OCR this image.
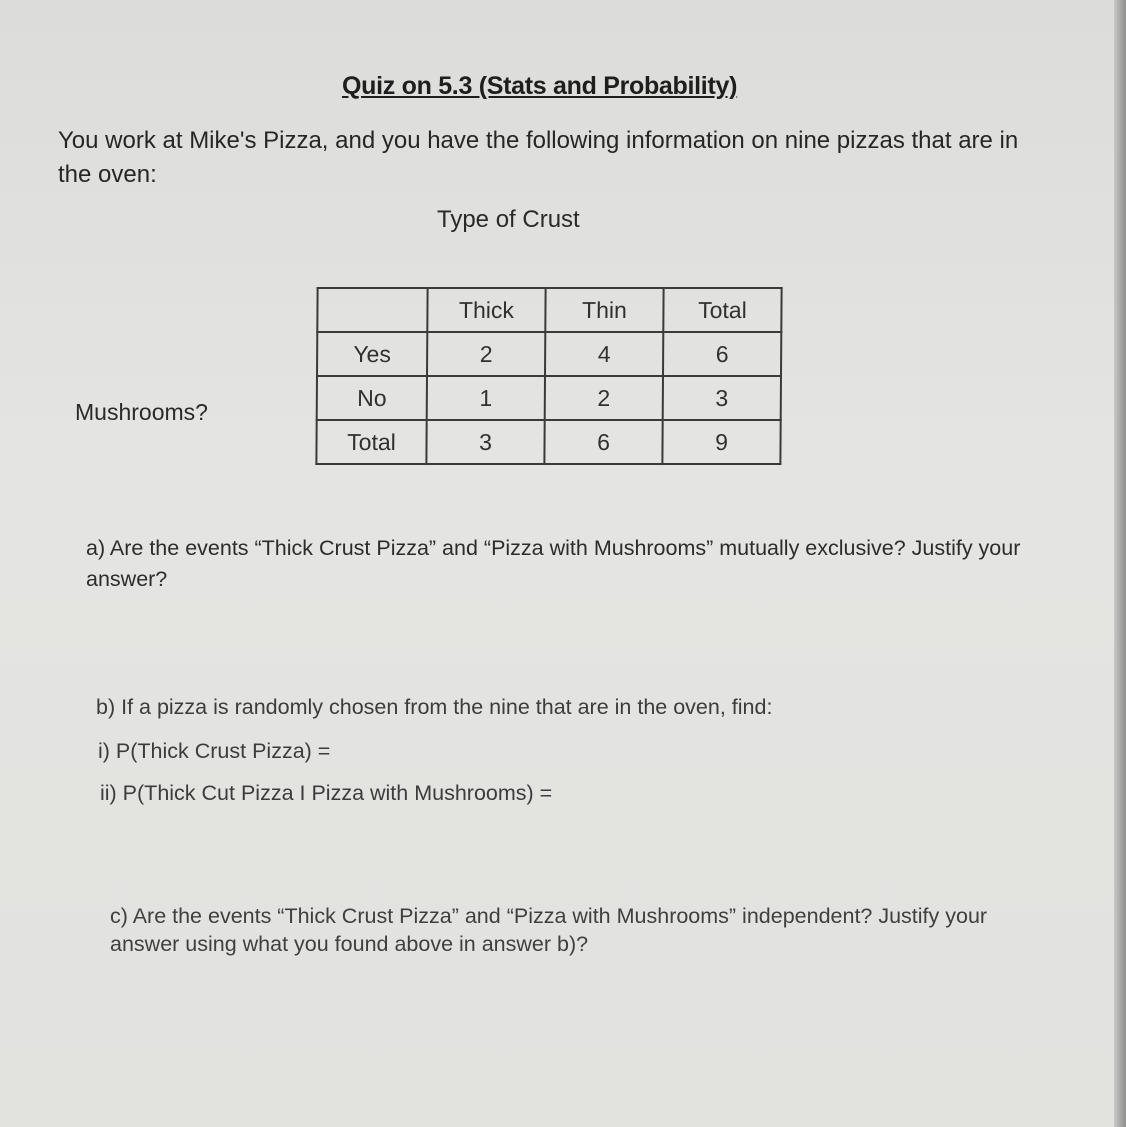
Quiz on 5.3 (Stats and Probability)
You work at Mike's Pizza, and you have the following information on nine pizzas that are in the oven:
Type of Crust
Mushrooms?
	Thick	Thin	Total
Yes	2	4	6
No	1	2	3
Total	3	6	9
a) Are the events “Thick Crust Pizza” and “Pizza with Mushrooms” mutually exclusive? Justify your answer?
b) If a pizza is randomly chosen from the nine that are in the oven, find:
i) P(Thick Crust Pizza) =
ii) P(Thick Cut Pizza I Pizza with Mushrooms) =
c) Are the events “Thick Crust Pizza” and “Pizza with Mushrooms” independent? Justify your answer using what you found above in answer b)?
